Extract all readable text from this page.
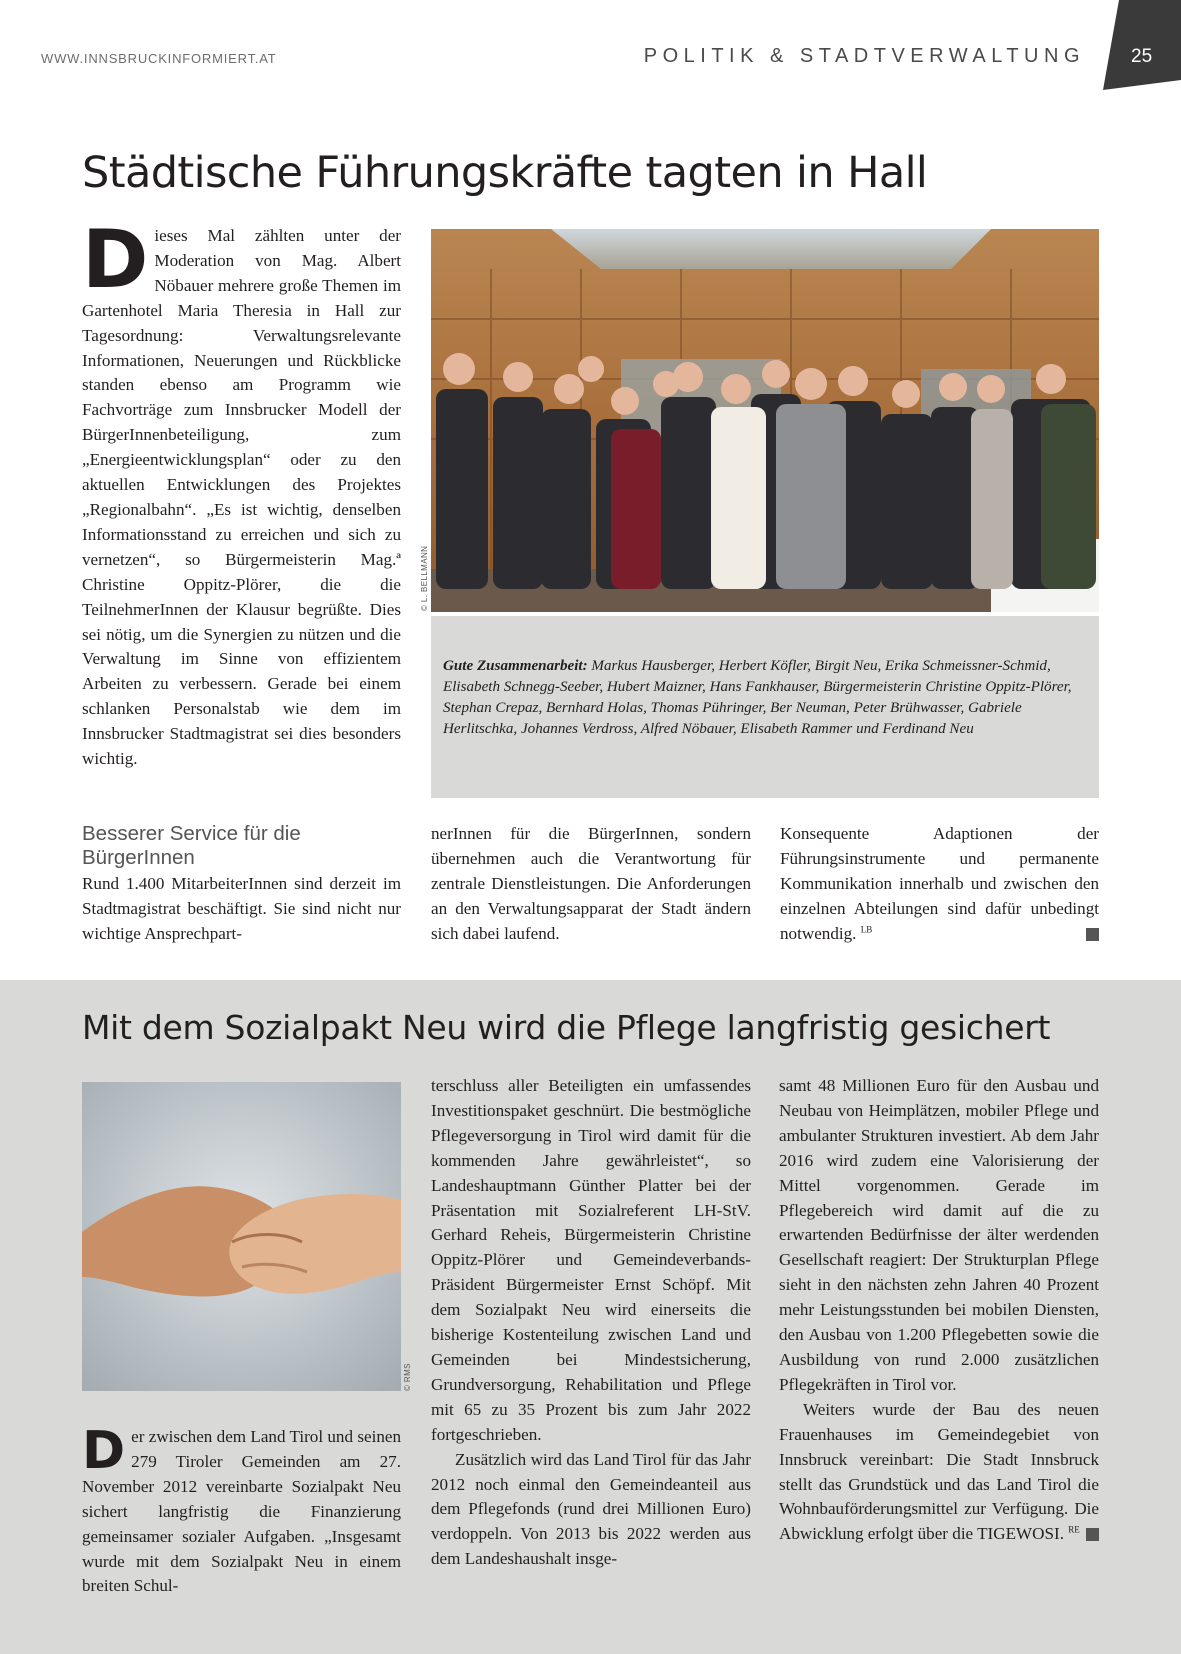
WWW.INNSBRUCKINFORMIERT.AT	POLITIK & STADTVERWALTUNG 25
Städtische Führungskräfte tagten in Hall
D ieses Mal zählten unter der Moderation von Mag. Albert Nöbauer mehrere große Themen im Gartenhotel Maria Theresia in Hall zur Tagesordnung: Verwaltungsrelevante Informationen, Neuerungen und Rückblicke standen ebenso am Programm wie Fachvorträge zum Innsbrucker Modell der BürgerInnenbeteiligung, zum „Energieentwicklungsplan“ oder zu den aktuellen Entwicklungen des Projektes „Regionalbahn“. „Es ist wichtig, denselben Informationsstand zu erreichen und sich zu vernetzen“, so Bürgermeisterin Mag.ª Christine Oppitz-Plörer, die die TeilnehmerInnen der Klausur begrüßte. Dies sei nötig, um die Synergien zu nützen und die Verwaltung im Sinne von effizientem Arbeiten zu verbessern. Gerade bei einem schlanken Personalstab wie dem im Innsbrucker Stadtmagistrat sei dies besonders wichtig.
© L. BELLMANN
Gute Zusammenarbeit: Markus Hausberger, Herbert Köfler, Birgit Neu, Erika Schmeissner-Schmid, Elisabeth Schnegg-Seeber, Hubert Maizner, Hans Fankhauser, Bürgermeisterin Christine Oppitz-Plörer, Stephan Crepaz, Bernhard Holas, Thomas Pühringer, Ber Neuman, Peter Brühwasser, Gabriele Herlitschka, Johannes Verdross, Alfred Nöbauer, Elisabeth Rammer und Ferdinand Neu
Besserer Service für die BürgerInnen

Rund 1.400 MitarbeiterInnen sind derzeit im Stadtmagistrat beschäftigt. Sie sind nicht nur wichtige Ansprechpart-

nerInnen für die BürgerInnen, sondern übernehmen auch die Verantwortung für zentrale Dienstleistungen. Die Anforderungen an den Verwaltungsapparat der Stadt ändern sich dabei laufend.

Konsequente Adaptionen der Führungsinstrumente und permanente Kommunikation innerhalb und zwischen den einzelnen Abteilungen sind dafür unbedingt notwendig. $^{LB}$

Mit dem Sozialpakt Neu wird die Pflege langfristig gesichert
© RMS
D er zwischen dem Land Tirol und seinen 279 Tiroler Gemeinden am 27. November 2012 vereinbarte Sozialpakt Neu sichert langfristig die Finanzierung gemeinsamer sozialer Aufgaben. „Insgesamt wurde mit dem Sozialpakt Neu in einem breiten Schul-

terschluss aller Beteiligten ein umfassendes Investitionspaket geschnürt. Die bestmögliche Pflegeversorgung in Tirol wird damit für die kommenden Jahre gewährleistet“, so Landeshauptmann Günther Platter bei der Präsentation mit Sozialreferent LH-StV. Gerhard Reheis, Bürgermeisterin Christine Oppitz-Plörer und Gemeindeverbands-Präsident Bürgermeister Ernst Schöpf. Mit dem Sozialpakt Neu wird einerseits die bisherige Kostenteilung zwischen Land und Gemeinden bei Mindestsicherung, Grundversorgung, Rehabilitation und Pflege mit 65 zu 35 Prozent bis zum Jahr 2022 fortgeschrieben.

Zusätzlich wird das Land Tirol für das Jahr 2012 noch einmal den Gemeindeanteil aus dem Pflegefonds (rund drei Millionen Euro) verdoppeln. Von 2013 bis 2022 werden aus dem Landeshaushalt insge-

samt 48 Millionen Euro für den Ausbau und Neubau von Heimplätzen, mobiler Pflege und ambulanter Strukturen investiert. Ab dem Jahr 2016 wird zudem eine Valorisierung der Mittel vorgenommen. Gerade im Pflegebereich wird damit auf die zu erwartenden Bedürfnisse der älter werdenden Gesellschaft reagiert: Der Strukturplan Pflege sieht in den nächsten zehn Jahren 40 Prozent mehr Leistungsstunden bei mobilen Diensten, den Ausbau von 1.200 Pflegebetten sowie die Ausbildung von rund 2.000 zusätzlichen Pflegekräften in Tirol vor.

Weiters wurde der Bau des neuen Frauenhauses im Gemeindegebiet von Innsbruck vereinbart: Die Stadt Innsbruck stellt das Grundstück und das Land Tirol die Wohnbauförderungsmittel zur Verfügung. Die Abwicklung erfolgt über die TIGEWOSI. $^{RE}$
